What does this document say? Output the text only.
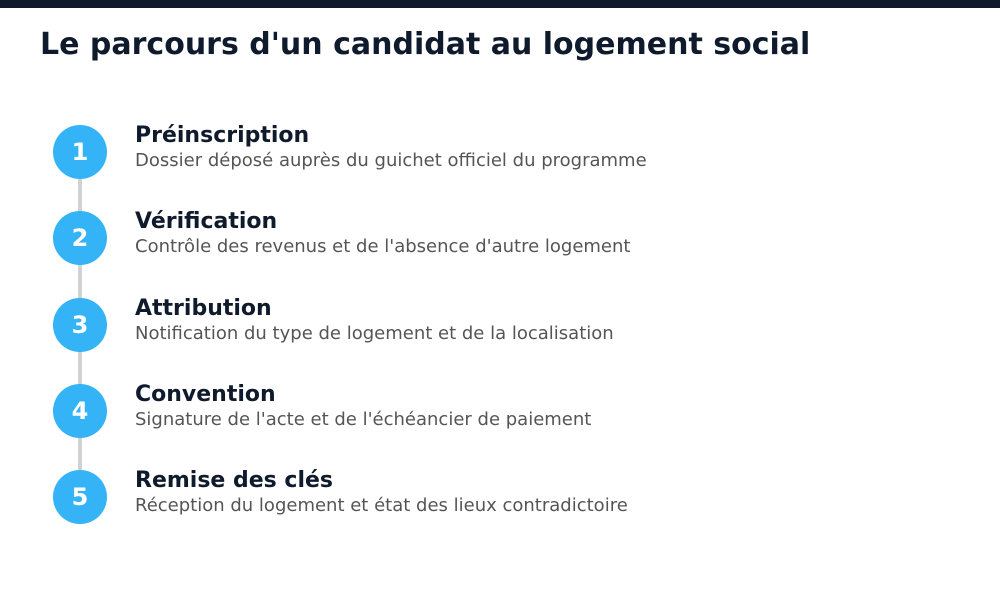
Le parcours d'un candidat au logement social
1
Préinscription
Dossier déposé auprès du guichet officiel du programme
2
Vérification
Contrôle des revenus et de l'absence d'autre logement
3
Attribution
Notification du type de logement et de la localisation
4
Convention
Signature de l'acte et de l'échéancier de paiement
5
Remise des clés
Réception du logement et état des lieux contradictoire
